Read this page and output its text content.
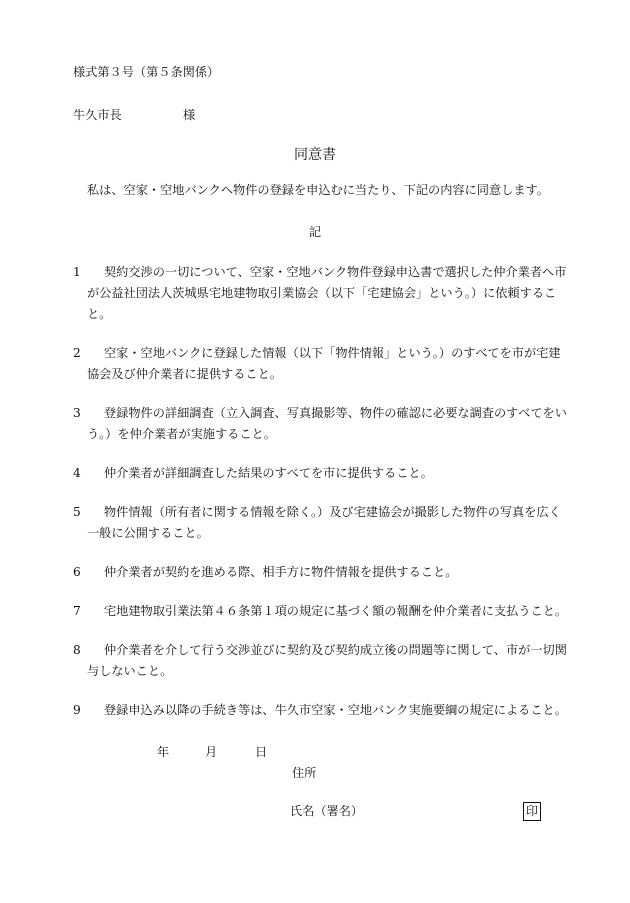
様式第３号（第５条関係）
牛久市長	様
同意書
私は、空家・空地バンクへ物件の登録を申込むに当たり、下記の内容に同意します。
記
1 契約交渉の一切について、空家・空地バンク物件登録申込書で選択した仲介業者へ市が公益社団法人茨城県宅地建物取引業協会（以下「宅建協会」という。）に依頼すること。
2 空家・空地バンクに登録した情報（以下「物件情報」という。）のすべてを市が宅建協会及び仲介業者に提供すること。
3 登録物件の詳細調査（立入調査、写真撮影等、物件の確認に必要な調査のすべてをいう。）を仲介業者が実施すること。
4 仲介業者が詳細調査した結果のすべてを市に提供すること。
5 物件情報（所有者に関する情報を除く。）及び宅建協会が撮影した物件の写真を広く一般に公開すること。
6 仲介業者が契約を進める際、相手方に物件情報を提供すること。
7 宅地建物取引業法第４６条第１項の規定に基づく額の報酬を仲介業者に支払うこと。
8 仲介業者を介して行う交渉並びに契約及び契約成立後の問題等に関して、市が一切関与しないこと。
9 登録申込み以降の手続き等は、牛久市空家・空地バンク実施要綱の規定によること。
年	月	日
住所
氏名（署名）	印
